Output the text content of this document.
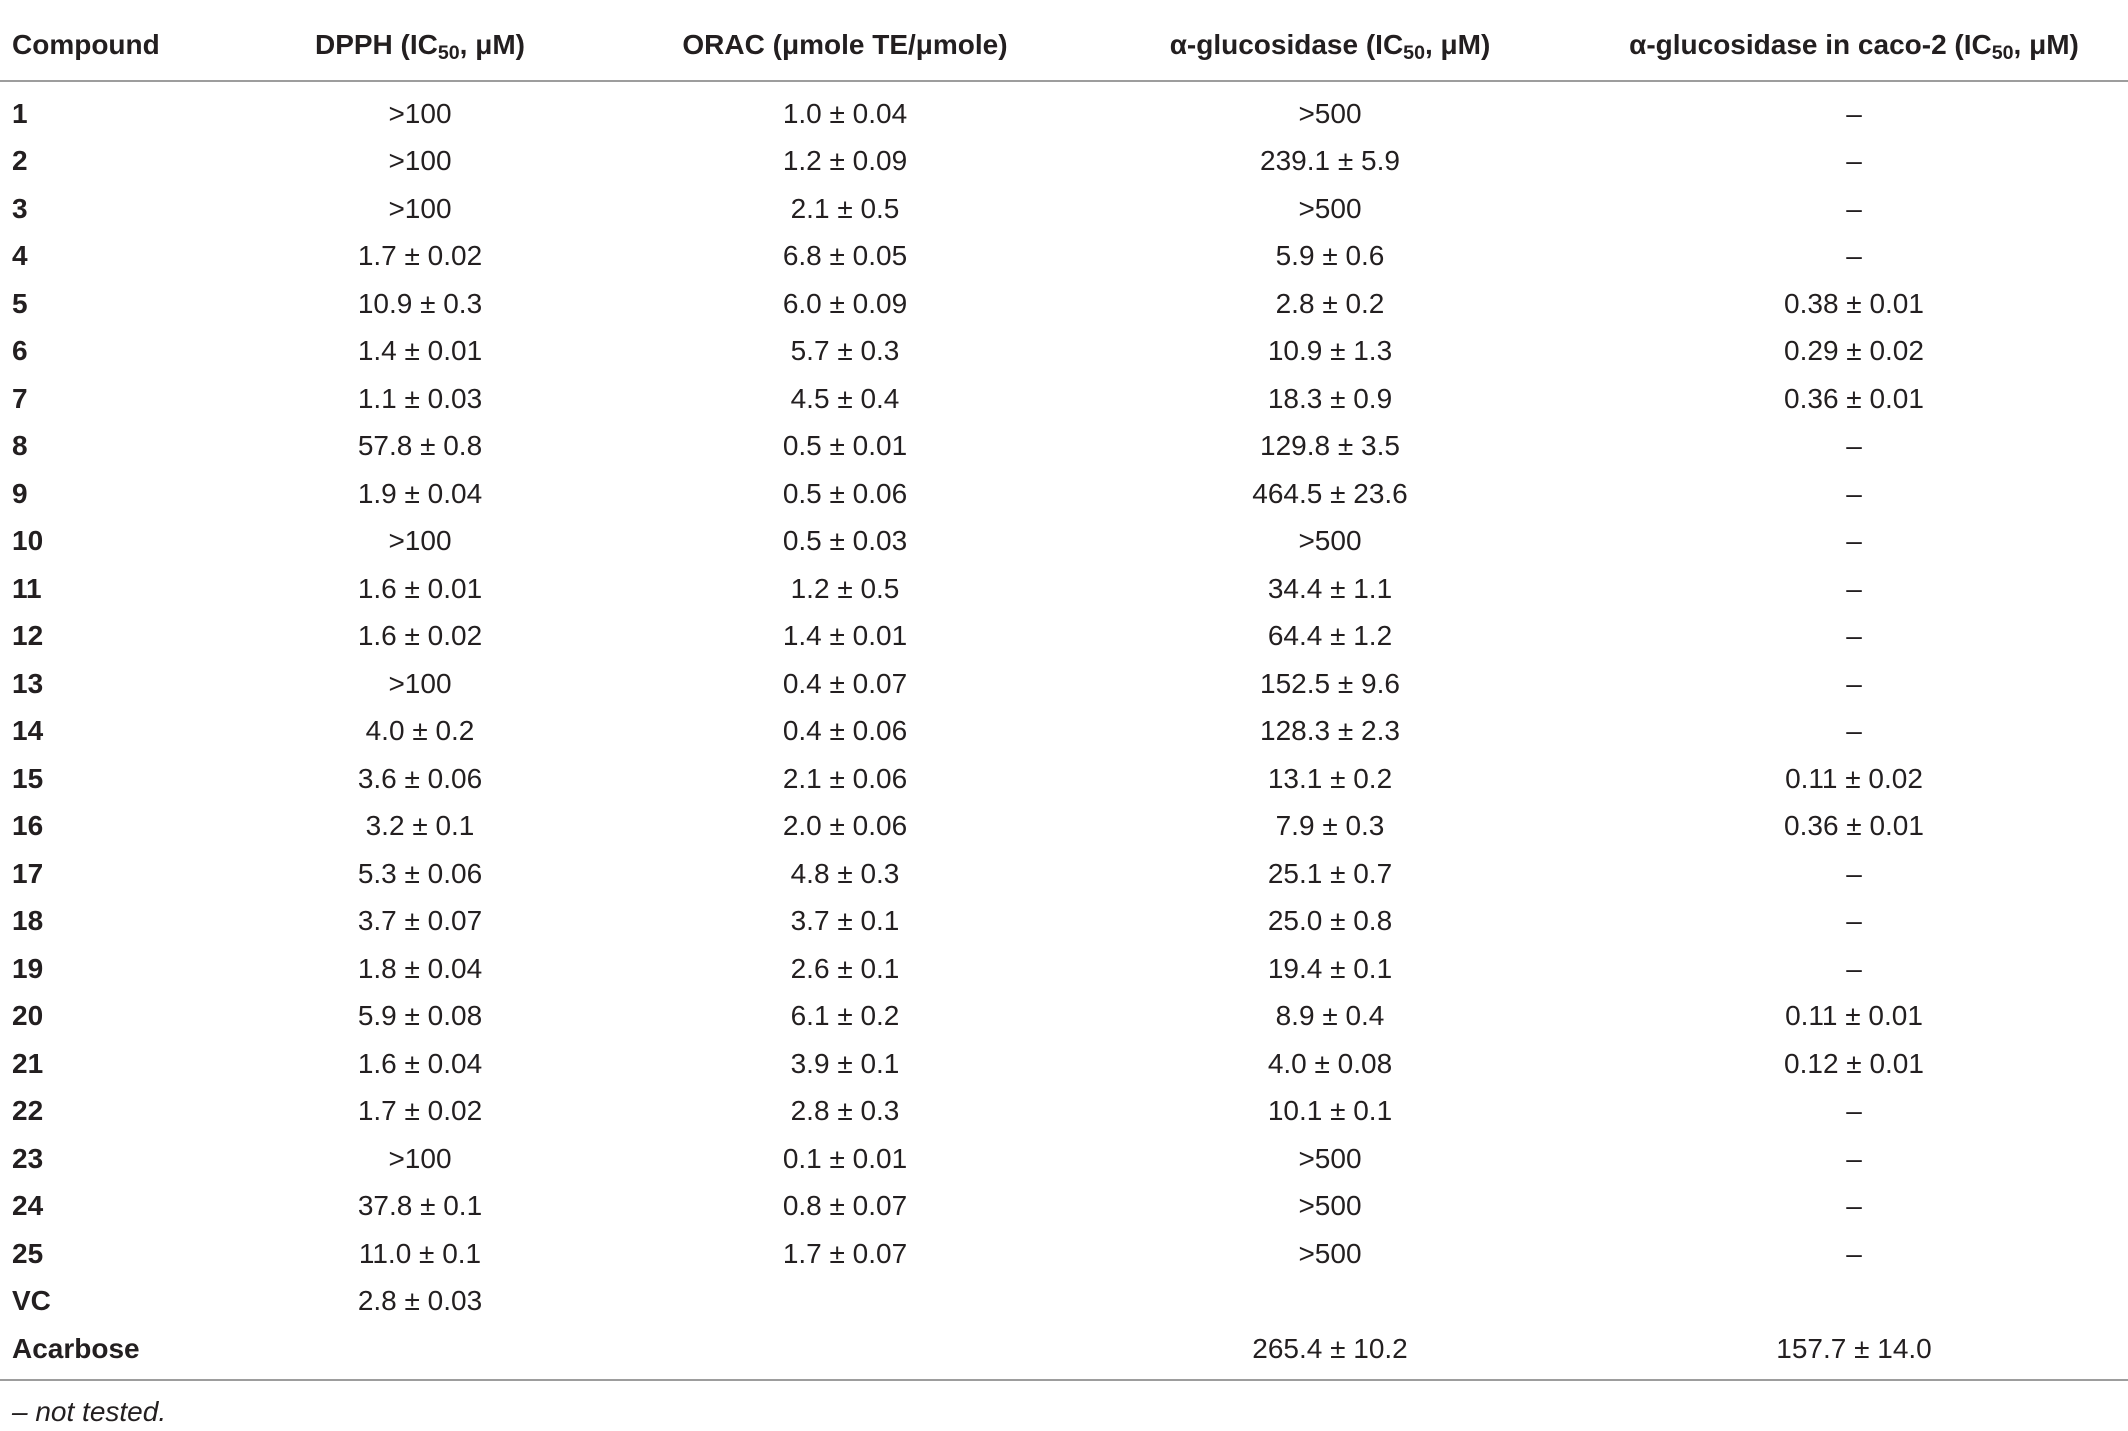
Compound	DPPH ($IC_{50}$, μM)	ORAC (μmole TE/μmole)	α-glucosidase ($IC_{50}$, μM)	α-glucosidase in caco-2 ($IC_{50}$, μM)
1	>100	1.0 ± 0.04	>500	–
2	>100	1.2 ± 0.09	239.1 ± 5.9	–
3	>100	2.1 ± 0.5	>500	–
4	1.7 ± 0.02	6.8 ± 0.05	5.9 ± 0.6	–
5	10.9 ± 0.3	6.0 ± 0.09	2.8 ± 0.2	0.38 ± 0.01
6	1.4 ± 0.01	5.7 ± 0.3	10.9 ± 1.3	0.29 ± 0.02
7	1.1 ± 0.03	4.5 ± 0.4	18.3 ± 0.9	0.36 ± 0.01
8	57.8 ± 0.8	0.5 ± 0.01	129.8 ± 3.5	–
9	1.9 ± 0.04	0.5 ± 0.06	464.5 ± 23.6	–
10	>100	0.5 ± 0.03	>500	–
11	1.6 ± 0.01	1.2 ± 0.5	34.4 ± 1.1	–
12	1.6 ± 0.02	1.4 ± 0.01	64.4 ± 1.2	–
13	>100	0.4 ± 0.07	152.5 ± 9.6	–
14	4.0 ± 0.2	0.4 ± 0.06	128.3 ± 2.3	–
15	3.6 ± 0.06	2.1 ± 0.06	13.1 ± 0.2	0.11 ± 0.02
16	3.2 ± 0.1	2.0 ± 0.06	7.9 ± 0.3	0.36 ± 0.01
17	5.3 ± 0.06	4.8 ± 0.3	25.1 ± 0.7	–
18	3.7 ± 0.07	3.7 ± 0.1	25.0 ± 0.8	–
19	1.8 ± 0.04	2.6 ± 0.1	19.4 ± 0.1	–
20	5.9 ± 0.08	6.1 ± 0.2	8.9 ± 0.4	0.11 ± 0.01
21	1.6 ± 0.04	3.9 ± 0.1	4.0 ± 0.08	0.12 ± 0.01
22	1.7 ± 0.02	2.8 ± 0.3	10.1 ± 0.1	–
23	>100	0.1 ± 0.01	>500	–
24	37.8 ± 0.1	0.8 ± 0.07	>500	–
25	11.0 ± 0.1	1.7 ± 0.07	>500	–
VC	2.8 ± 0.03			
Acarbose			265.4 ± 10.2	157.7 ± 14.0
– not tested.
